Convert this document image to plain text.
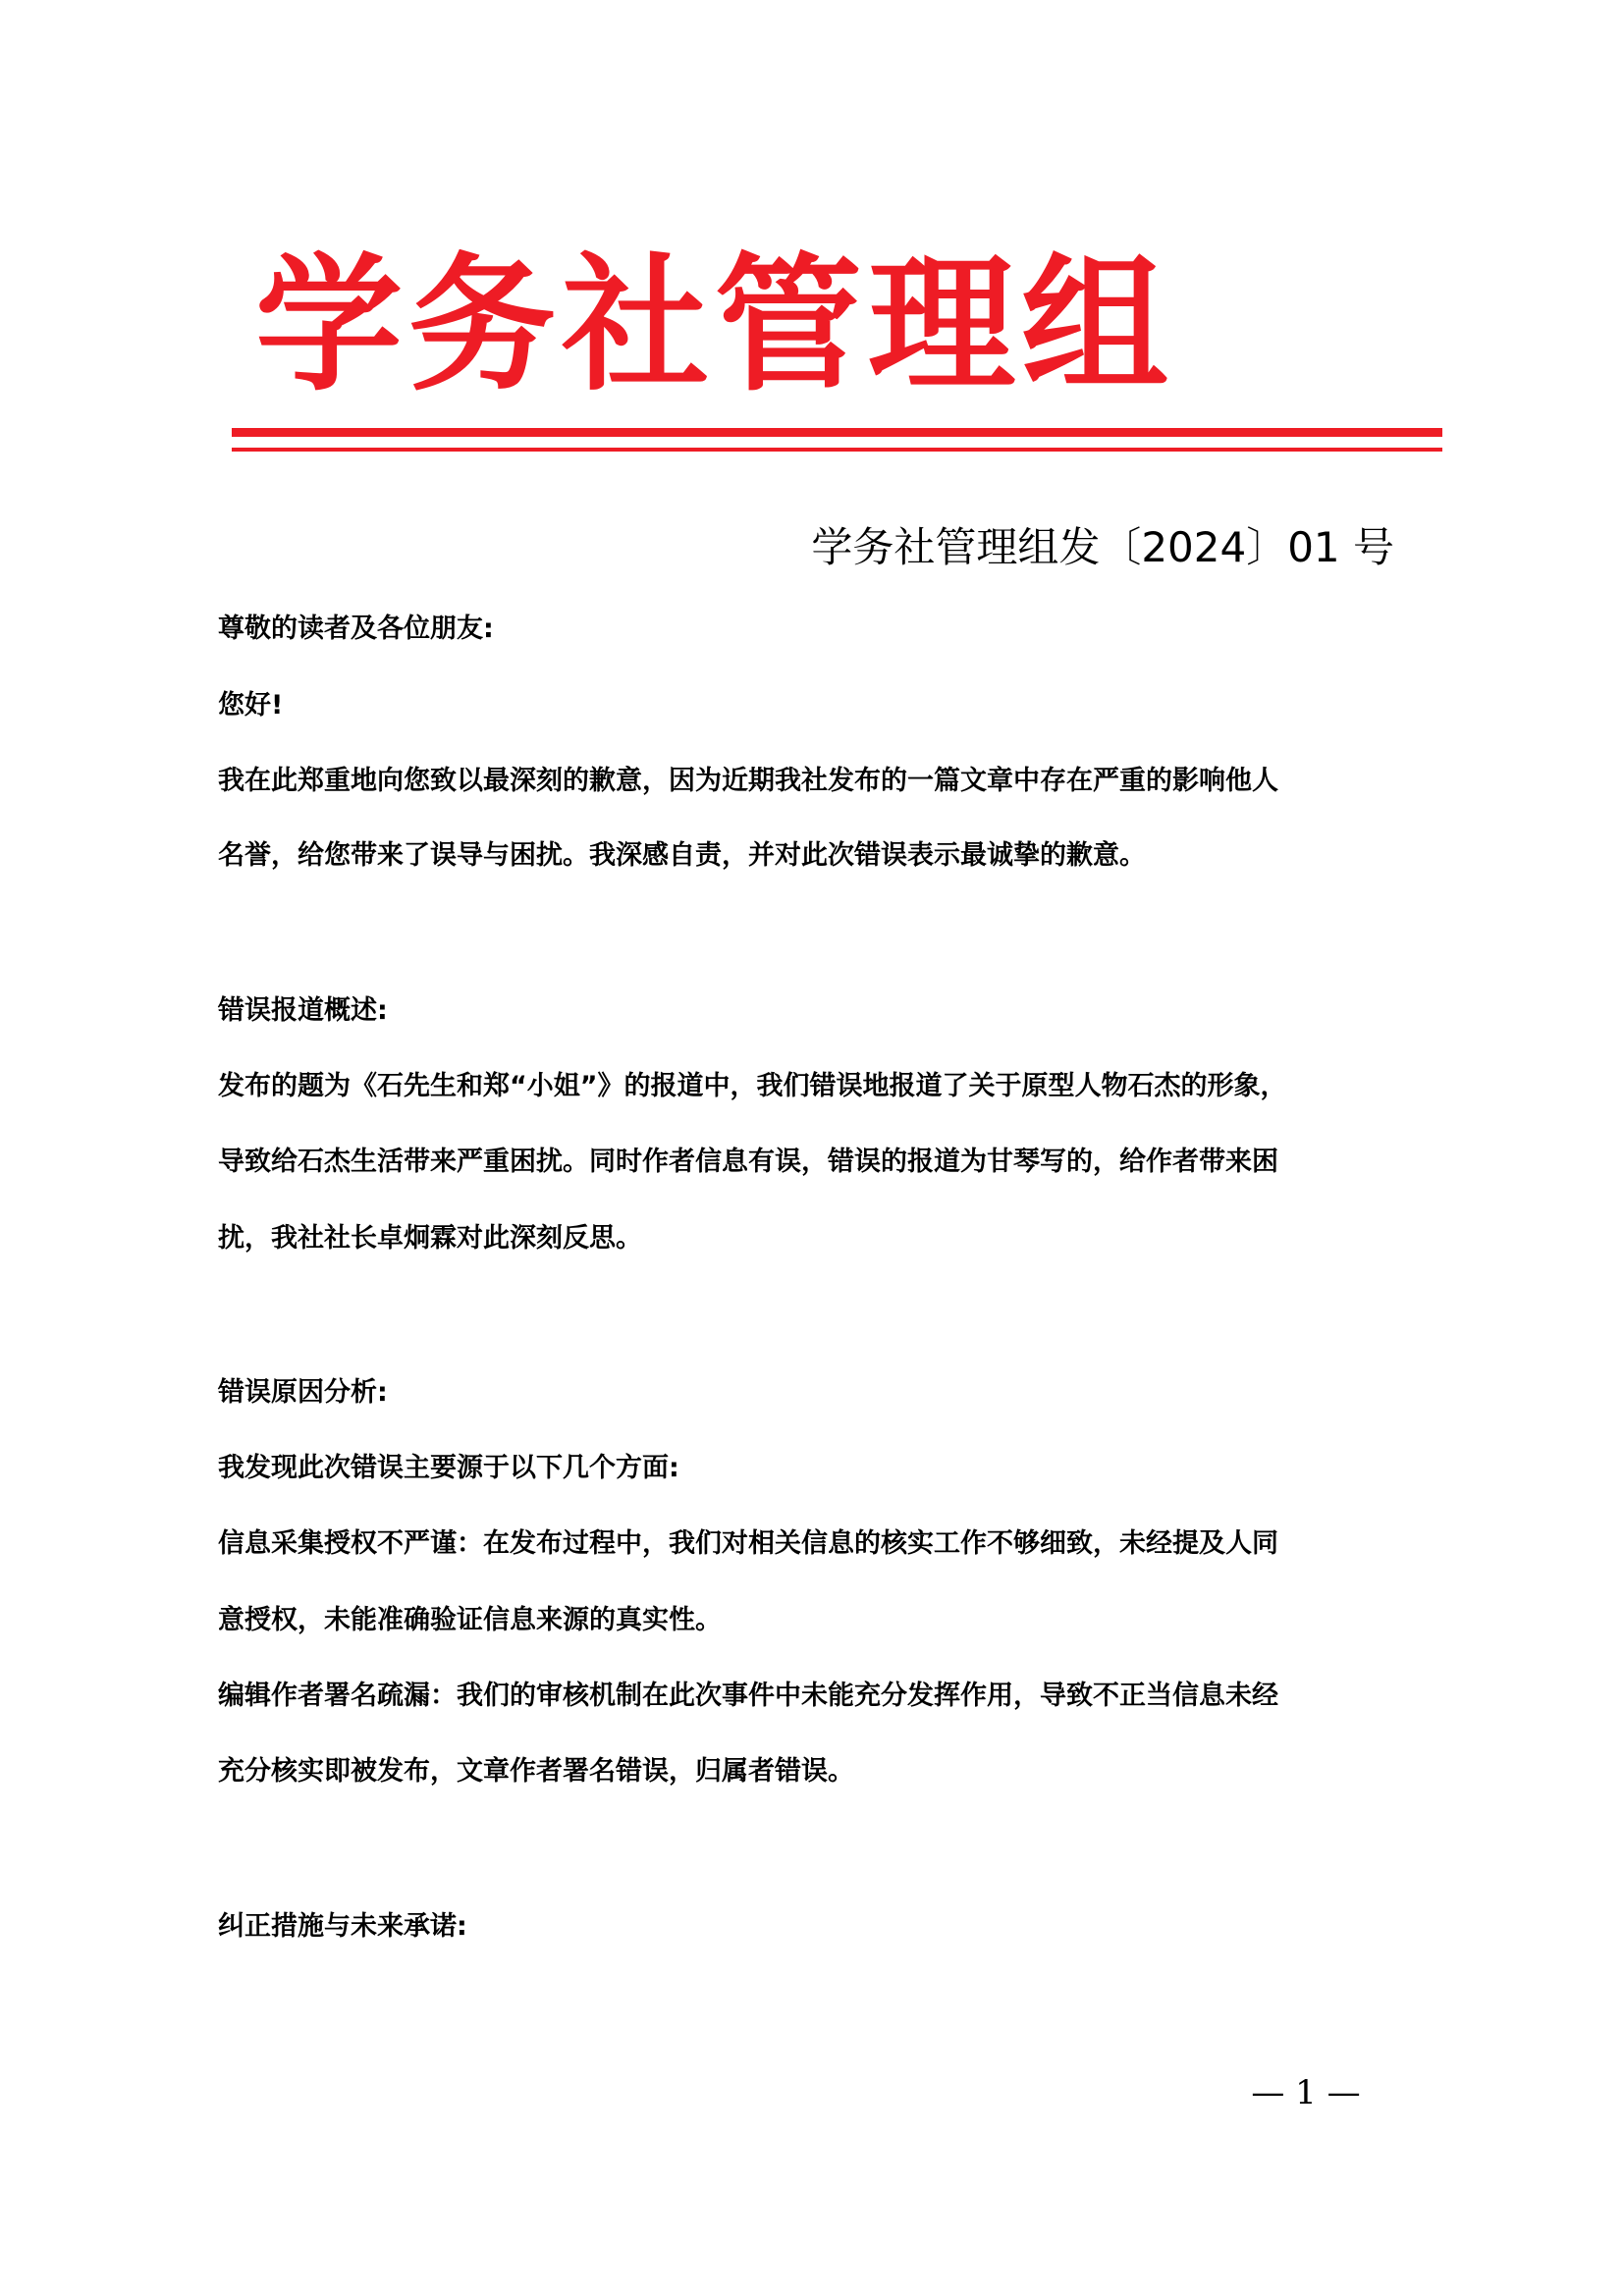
学务社管理组
学务社管理组发〔2024〕01 号
尊敬的读者及各位朋友:
您好!
我在此郑重地向您致以最深刻的歉意，因为近期我社发布的一篇文章中存在严重的影响他人
名誉，给您带来了误导与困扰。我深感自责，并对此次错误表示最诚挚的歉意。
错误报道概述:
发布的题为《石先生和郑“小姐”》的报道中，我们错误地报道了关于原型人物石杰的形象，
导致给石杰生活带来严重困扰。同时作者信息有误，错误的报道为甘琴写的，给作者带来困
扰，我社社长卓炯霖对此深刻反思。
错误原因分析:
我发现此次错误主要源于以下几个方面:
信息采集授权不严谨：在发布过程中，我们对相关信息的核实工作不够细致，未经提及人同
意授权，未能准确验证信息来源的真实性。
编辑作者署名疏漏：我们的审核机制在此次事件中未能充分发挥作用，导致不正当信息未经
充分核实即被发布，文章作者署名错误，归属者错误。
纠正措施与未来承诺:
— 1 —
